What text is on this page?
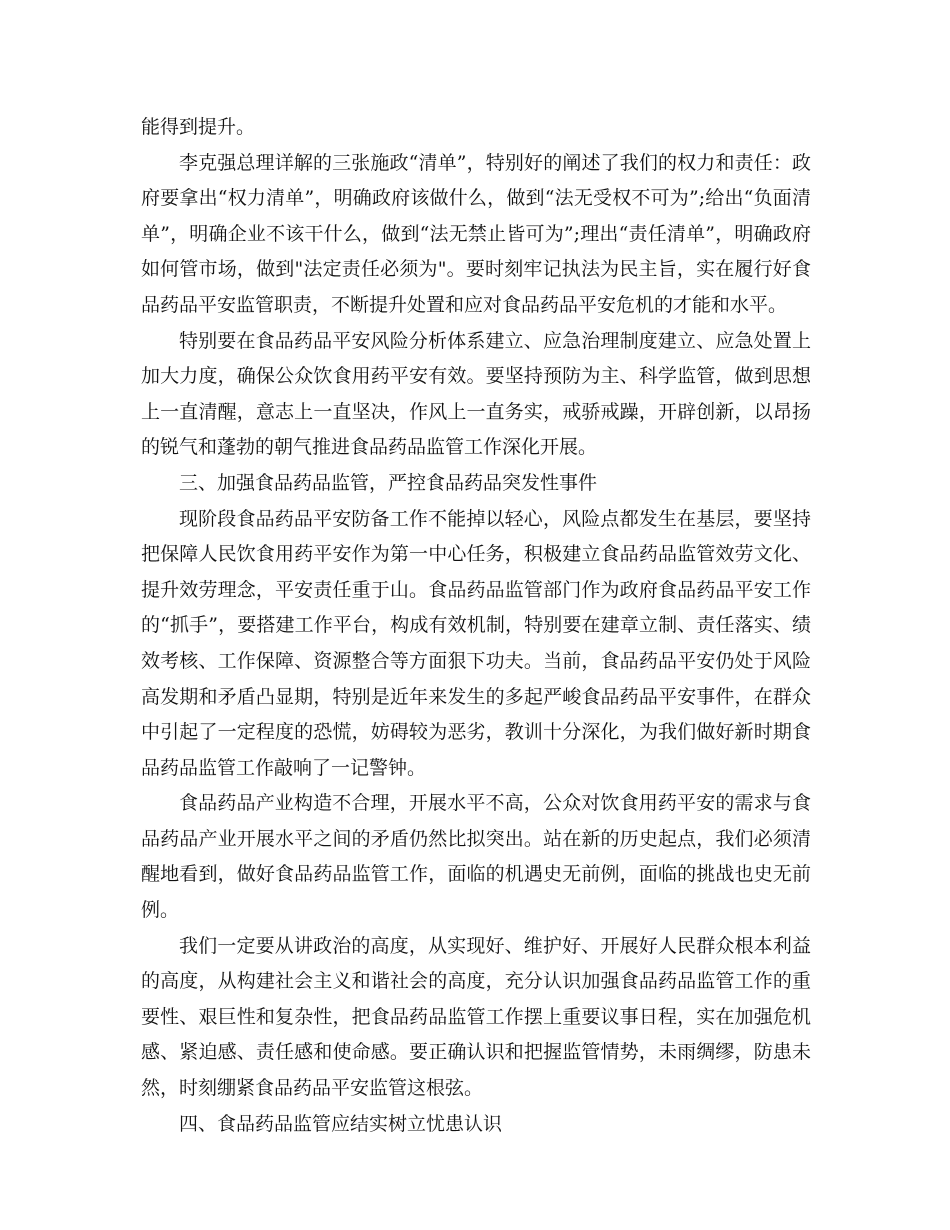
能得到提升。

李克强总理详解的三张施政“清单”，特别好的阐述了我们的权力和责任：政府要拿出“权力清单”，明确政府该做什么，做到“法无受权不可为”;给出“负面清单”，明确企业不该干什么，做到“法无禁止皆可为”;理出“责任清单”，明确政府如何管市场，做到"法定责任必须为"。要时刻牢记执法为民主旨，实在履行好食品药品平安监管职责，不断提升处置和应对食品药品平安危机的才能和水平。

特别要在食品药品平安风险分析体系建立、应急治理制度建立、应急处置上加大力度，确保公众饮食用药平安有效。要坚持预防为主、科学监管，做到思想上一直清醒，意志上一直坚决，作风上一直务实，戒骄戒躁，开辟创新，以昂扬的锐气和蓬勃的朝气推进食品药品监管工作深化开展。

三、加强食品药品监管，严控食品药品突发性事件

现阶段食品药品平安防备工作不能掉以轻心，风险点都发生在基层，要坚持把保障人民饮食用药平安作为第一中心任务，积极建立食品药品监管效劳文化、提升效劳理念，平安责任重于山。食品药品监管部门作为政府食品药品平安工作的“抓手”，要搭建工作平台，构成有效机制，特别要在建章立制、责任落实、绩效考核、工作保障、资源整合等方面狠下功夫。当前，食品药品平安仍处于风险高发期和矛盾凸显期，特别是近年来发生的多起严峻食品药品平安事件，在群众中引起了一定程度的恐慌，妨碍较为恶劣，教训十分深化，为我们做好新时期食品药品监管工作敲响了一记警钟。

食品药品产业构造不合理，开展水平不高，公众对饮食用药平安的需求与食品药品产业开展水平之间的矛盾仍然比拟突出。站在新的历史起点，我们必须清醒地看到，做好食品药品监管工作，面临的机遇史无前例，面临的挑战也史无前例。

我们一定要从讲政治的高度，从实现好、维护好、开展好人民群众根本利益的高度，从构建社会主义和谐社会的高度，充分认识加强食品药品监管工作的重要性、艰巨性和复杂性，把食品药品监管工作摆上重要议事日程，实在加强危机感、紧迫感、责任感和使命感。要正确认识和把握监管情势，未雨绸缪，防患未然，时刻绷紧食品药品平安监管这根弦。

四、食品药品监管应结实树立忧患认识
